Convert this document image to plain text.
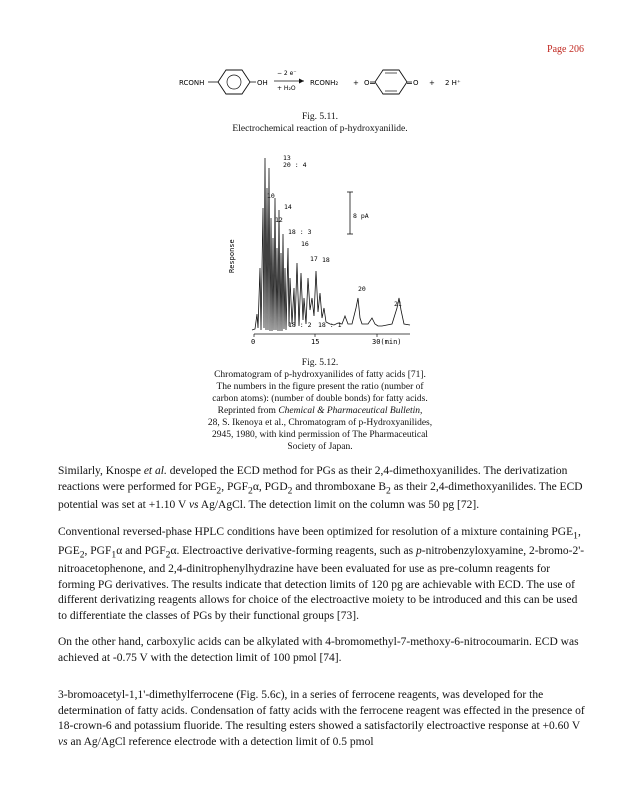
Page 206
RCONH	OH
− 2 e⁻
+ H₂O
RCONH₂ + O	O + 2 H⁺
Fig. 5.11.
Electrochemical reaction of p-hydroxyanilide.
Response
0	15	30(min)
8 pA
13
20 : 4
10
14
12
18 : 3
16
17 18
20
21
18 : 2 18 : 1
Fig. 5.12.
Chromatogram of p-hydroxyanilides of fatty acids [71].
The numbers in the figure present the ratio (number of
carbon atoms): (number of double bonds) for fatty acids.
Reprinted from Chemical & Pharmaceutical Bulletin,
28, S. Ikenoya et al., Chromatogram of p-Hydroxyanilides,
2945, 1980, with kind permission of The Pharmaceutical
Society of Japan.

Similarly, Knospe et al. developed the ECD method for PGs as their 2,4-dimethoxyanilides. The derivatization reactions were performed for $PGE_2$, $PGF_2\alpha$, $PGD_2$ and thromboxane $B_2$ as their 2,4-dimethoxyanilides. The ECD potential was set at +1.10 V vs Ag/AgCl. The detection limit on the column was 50 pg [72].

Conventional reversed-phase HPLC conditions have been optimized for resolution of a mixture containing $PGE_1$, $PGE_2$, $PGF_1\alpha$ and $PGF_2\alpha$. Electroactive derivative-forming reagents, such as p-nitrobenzyloxyamine, 2-bromo-2'-nitroacetophenone, and 2,4-dinitrophenylhydrazine have been evaluated for use as pre-column reagents for forming PG derivatives. The results indicate that detection limits of 120 pg are achievable with ECD. The use of different derivatizing reagents allows for choice of the electroactive moiety to be introduced and this can be used to differentiate the classes of PGs by their functional groups [73].

On the other hand, carboxylic acids can be alkylated with 4-bromomethyl-7-methoxy-6-nitrocoumarin. ECD was achieved at -0.75 V with the detection limit of 100 pmol [74].

3-bromoacetyl-1,1'-dimethylferrocene (Fig. 5.6c), in a series of ferrocene reagents, was developed for the determination of fatty acids. Condensation of fatty acids with the ferrocene reagent was effected in the presence of 18-crown-6 and potassium fluoride. The resulting esters showed a satisfactorily electroactive response at +0.60 V vs an Ag/AgCl reference electrode with a detection limit of 0.5 pmol
